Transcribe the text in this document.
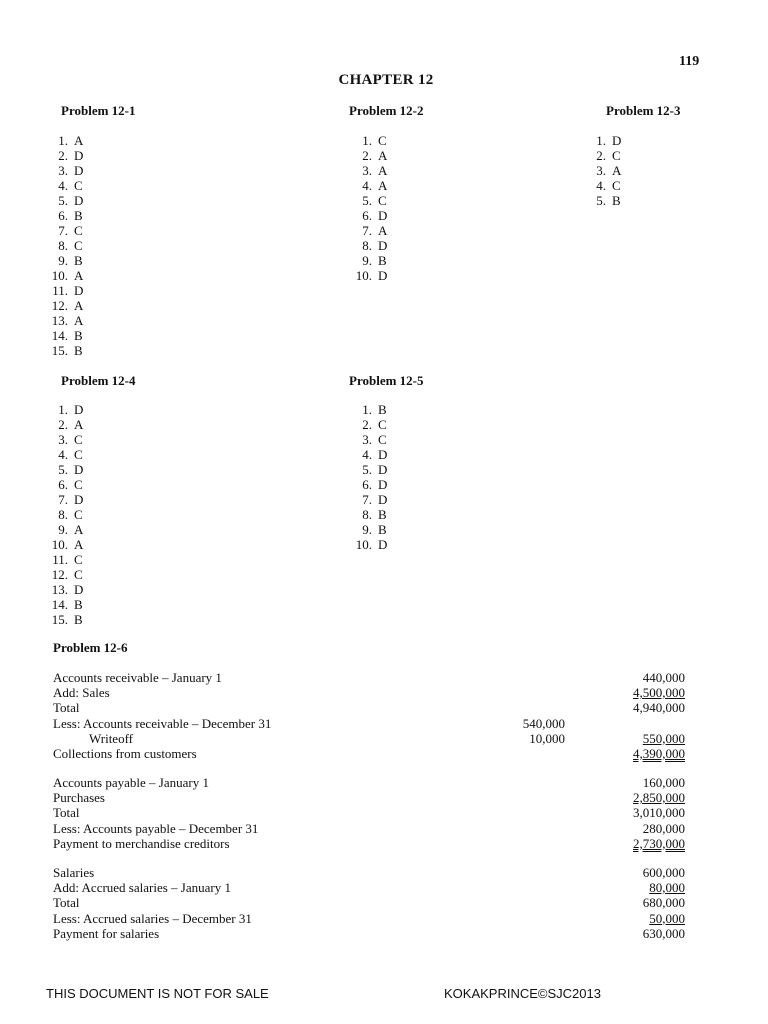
119
CHAPTER 12
Problem 12-1
1. A
2. D
3. D
4. C
5. D
6. B
7. C
8. C
9. B
10. A
11. D
12. A
13. A
14. B
15. B
Problem 12-2
1. C
2. A
3. A
4. A
5. C
6. D
7. A
8. D
9. B
10. D
Problem 12-3
1. D
2. C
3. A
4. C
5. B
Problem 12-4
1. D
2. A
3. C
4. C
5. D
6. C
7. D
8. C
9. A
10. A
11. C
12. C
13. D
14. B
15. B
Problem 12-5
1. B
2. C
3. C
4. D
5. D
6. D
7. D
8. B
9. B
10. D
Problem 12-6
Accounts receivable – January 1	440,000
Add: Sales	4,500,000
Total	4,940,000
Less: Accounts receivable – December 31	540,000
Writeoff	10,000	550,000
Collections from customers	4,390,000
Accounts payable – January 1	160,000
Purchases	2,850,000
Total	3,010,000
Less: Accounts payable – December 31	280,000
Payment to merchandise creditors	2,730,000
Salaries	600,000
Add: Accrued salaries – January 1	80,000
Total	680,000
Less: Accrued salaries – December 31	50,000
Payment for salaries	630,000
THIS DOCUMENT IS NOT FOR SALE	KOKAKPRINCE©SJC2013
